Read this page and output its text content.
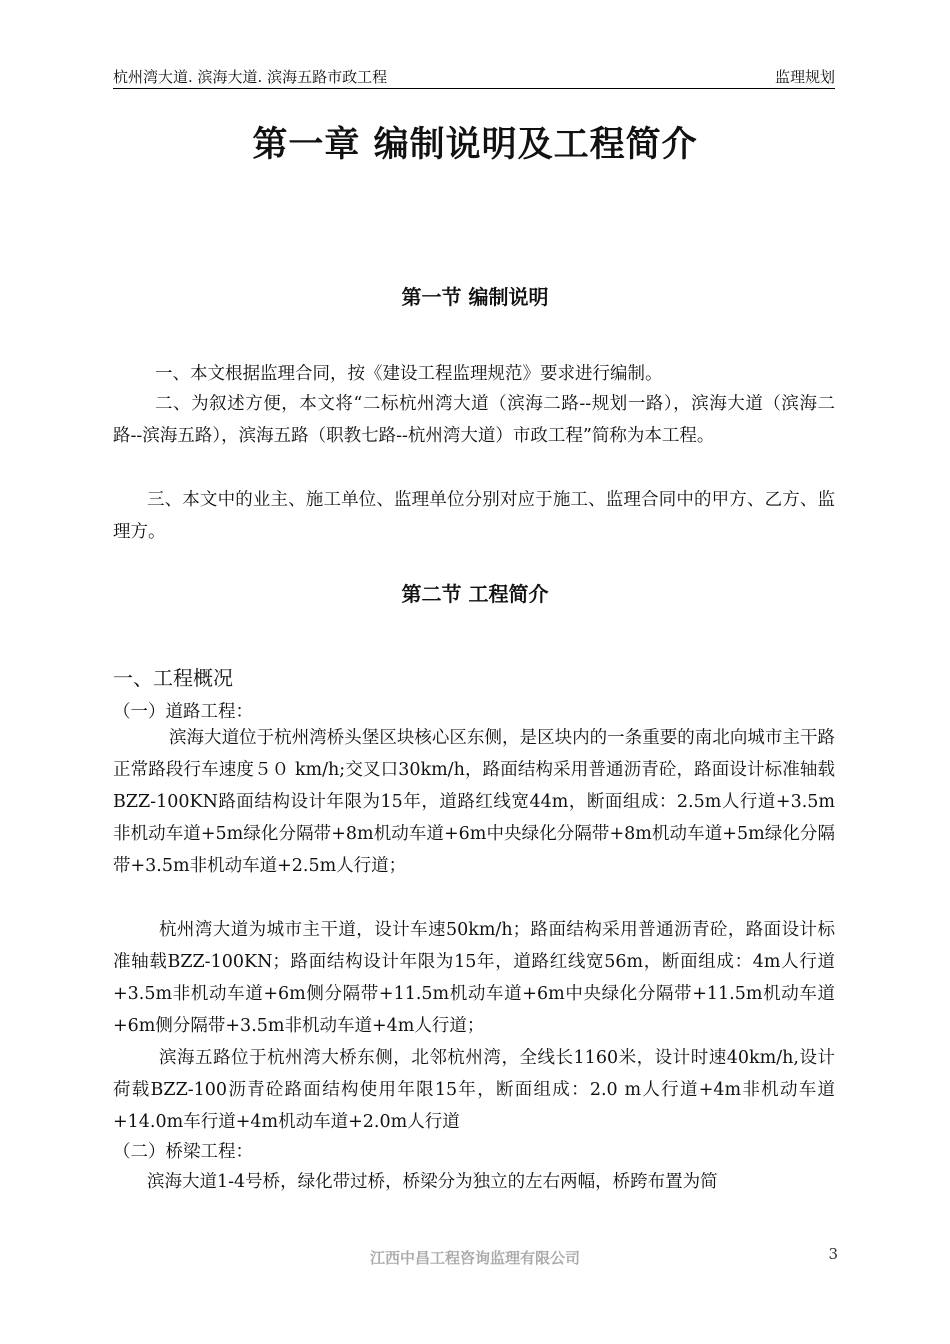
杭州湾大道. 滨海大道. 滨海五路市政工程	监理规划
第一章 编制说明及工程简介
第一节 编制说明
一、本文根据监理合同，按《建设工程监理规范》要求进行编制。
二、为叙述方便，本文将“二标杭州湾大道（滨海二路--规划一路），滨海大道（滨海二路--滨海五路），滨海五路（职教七路--杭州湾大道）市政工程”简称为本工程。
三、本文中的业主、施工单位、监理单位分别对应于施工、监理合同中的甲方、乙方、监理方。
第二节 工程简介
一、工程概况
（一）道路工程：
滨海大道位于杭州湾桥头堡区块核心区东侧，是区块内的一条重要的南北向城市主干路正常路段行车速度５０ km/h;交叉口30km/h，路面结构采用普通沥青砼，路面设计标准轴载BZZ-100KN路面结构设计年限为15年，道路红线宽44m，断面组成：2.5m人行道+3.5m非机动车道+5m绿化分隔带+8m机动车道+6m中央绿化分隔带+8m机动车道+5m绿化分隔带+3.5m非机动车道+2.5m人行道；
杭州湾大道为城市主干道，设计车速50km/h；路面结构采用普通沥青砼，路面设计标准轴载BZZ-100KN；路面结构设计年限为15年，道路红线宽56m，断面组成：4m人行道+3.5m非机动车道+6m侧分隔带+11.5m机动车道+6m中央绿化分隔带+11.5m机动车道+6m侧分隔带+3.5m非机动车道+4m人行道；
滨海五路位于杭州湾大桥东侧，北邻杭州湾，全线长1160米，设计时速40km/h,设计荷载BZZ-100沥青砼路面结构使用年限15年，断面组成：2.0 m人行道+4m非机动车道+14.0m车行道+4m机动车道+2.0m人行道
（二）桥梁工程：
滨海大道1-4号桥，绿化带过桥，桥梁分为独立的左右两幅，桥跨布置为简
江西中昌工程咨询监理有限公司	3
